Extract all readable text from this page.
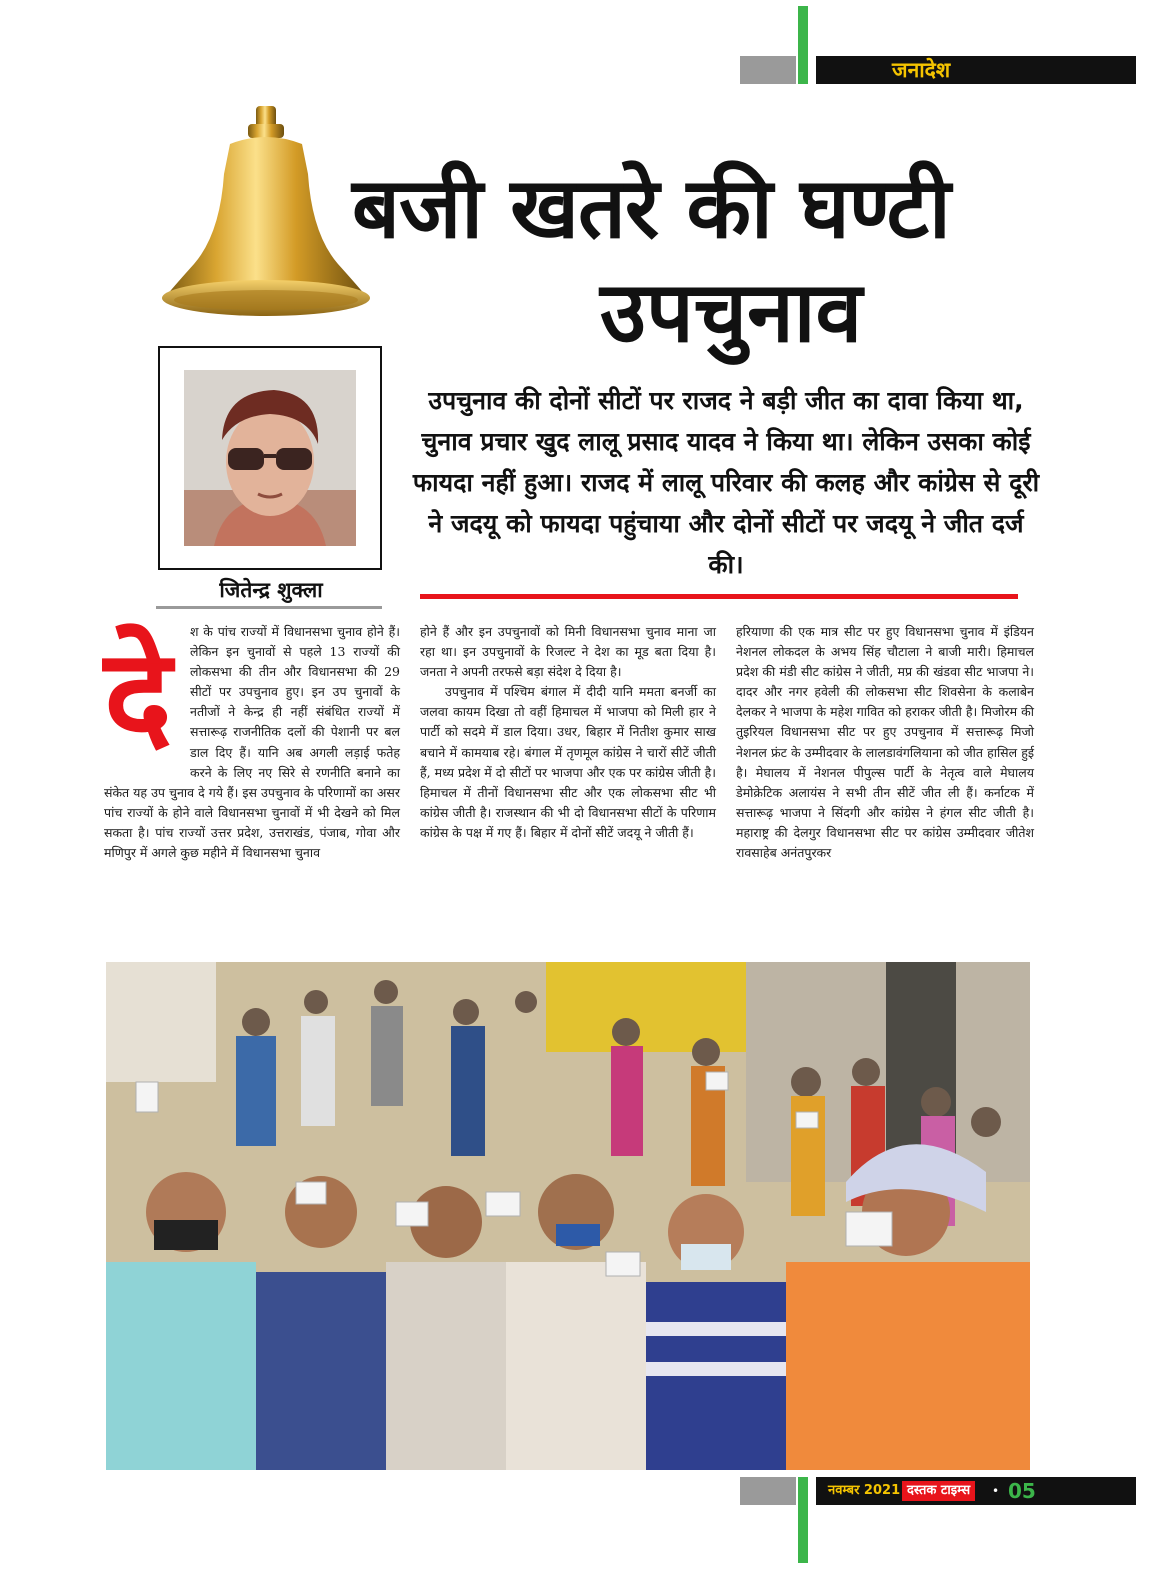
जनादेश
बजी खतरे की घण्टी
उपचुनाव
जितेन्द्र शुक्ला
उपचुनाव की दोनों सीटों पर राजद ने बड़ी जीत का दावा किया था, चुनाव प्रचार खुद लालू प्रसाद यादव ने किया था। लेकिन उसका कोई फायदा नहीं हुआ। राजद में लालू परिवार की कलह और कांग्रेस से दूरी ने जदयू को फायदा पहुंचाया और दोनों सीटों पर जदयू ने जीत दर्ज की।
दे	श के पांच राज्यों में विधानसभा चुनाव होने हैं। लेकिन इन चुनावों से पहले 13 राज्यों की लोकसभा की तीन और विधानसभा की 29 सीटों पर उपचुनाव हुए। इन उप चुनावों के नतीजों ने केन्द्र ही नहीं संबंधित राज्यों में सत्तारूढ़ राजनीतिक दलों की पेशानी पर बल डाल दिए हैं। यानि अब अगली लड़ाई फतेह करने के लिए नए सिरे से रणनीति बनाने का संकेत यह उप चुनाव दे गये हैं। इस उपचुनाव के परिणामों का असर पांच राज्यों के होने वाले विधानसभा चुनावों में भी देखने को मिल सकता है। पांच राज्यों उत्तर प्रदेश, उत्तराखंड, पंजाब, गोवा और मणिपुर में अगले कुछ महीने में विधानसभा चुनाव

होने हैं और इन उपचुनावों को मिनी विधानसभा चुनाव माना जा रहा था। इन उपचुनावों के रिजल्ट ने देश का मूड बता दिया है। जनता ने अपनी तरफसे बड़ा संदेश दे दिया है।

उपचुनाव में पश्चिम बंगाल में दीदी यानि ममता बनर्जी का जलवा कायम दिखा तो वहीं हिमाचल में भाजपा को मिली हार ने पार्टी को सदमे में डाल दिया। उधर, बिहार में नितीश कुमार साख बचाने में कामयाब रहे। बंगाल में तृणमूल कांग्रेस ने चारों सीटें जीती हैं, मध्य प्रदेश में दो सीटों पर भाजपा और एक पर कांग्रेस जीती है। हिमाचल में तीनों विधानसभा सीट और एक लोकसभा सीट भी कांग्रेस जीती है। राजस्थान की भी दो विधानसभा सीटों के परिणाम कांग्रेस के पक्ष में गए हैं। बिहार में दोनों सीटें जदयू ने जीती हैं।

हरियाणा की एक मात्र सीट पर हुए विधानसभा चुनाव में इंडियन नेशनल लोकदल के अभय सिंह चौटाला ने बाजी मारी। हिमाचल प्रदेश की मंडी सीट कांग्रेस ने जीती, मप्र की खंडवा सीट भाजपा ने। दादर और नगर हवेली की लोकसभा सीट शिवसेना के कलाबेन देलकर ने भाजपा के महेश गावित को हराकर जीती है। मिजोरम की तुइरियल विधानसभा सीट पर हुए उपचुनाव में सत्तारूढ़ मिजो नेशनल फ्रंट के उम्मीदवार के लालडावंगलियाना को जीत हासिल हुई है। मेघालय में नेशनल पीपुल्स पार्टी के नेतृत्व वाले मेघालय डेमोक्रेटिक अलायंस ने सभी तीन सीटें जीत ली हैं। कर्नाटक में सत्तारूढ़ भाजपा ने सिंदगी और कांग्रेस ने हंगल सीट जीती है। महाराष्ट्र की देलगुर विधानसभा सीट पर कांग्रेस उम्मीदवार जीतेश रावसाहेब अनंतपुरकर

नवम्बर 2021 दस्तक टाइम्स	• 05
